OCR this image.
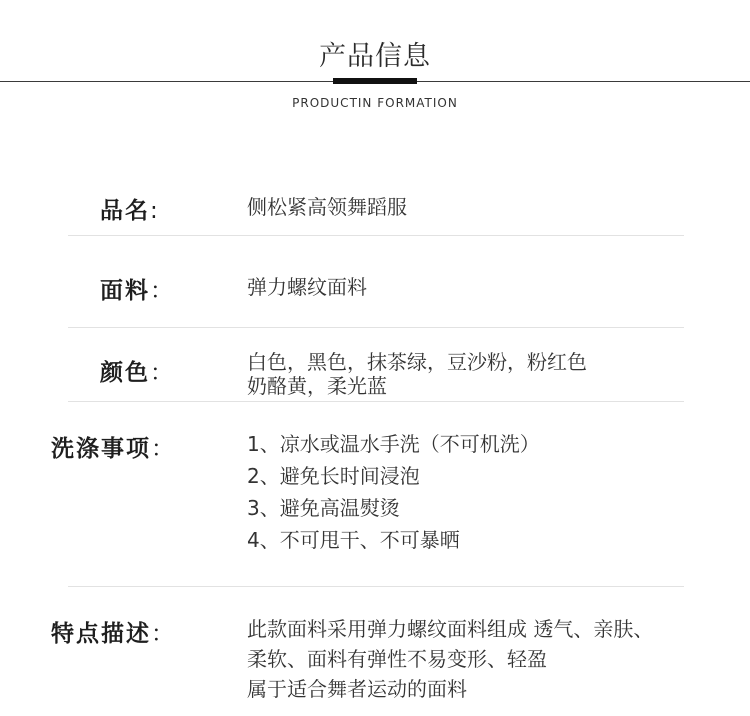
产品信息
PRODUCTIN FORMATION
品名:	侧松紧高领舞蹈服
面料：	弹力螺纹面料
颜色：	白色，黑色，抹茶绿，豆沙粉，粉红色
奶酪黄，柔光蓝
洗涤事项：	1、凉水或温水手洗（不可机洗）
2、避免长时间浸泡
3、避免高温熨烫
4、不可甩干、不可暴晒
特点描述：	此款面料采用弹力螺纹面料组成 透气、亲肤、
柔软、面料有弹性不易变形、轻盈
属于适合舞者运动的面料
